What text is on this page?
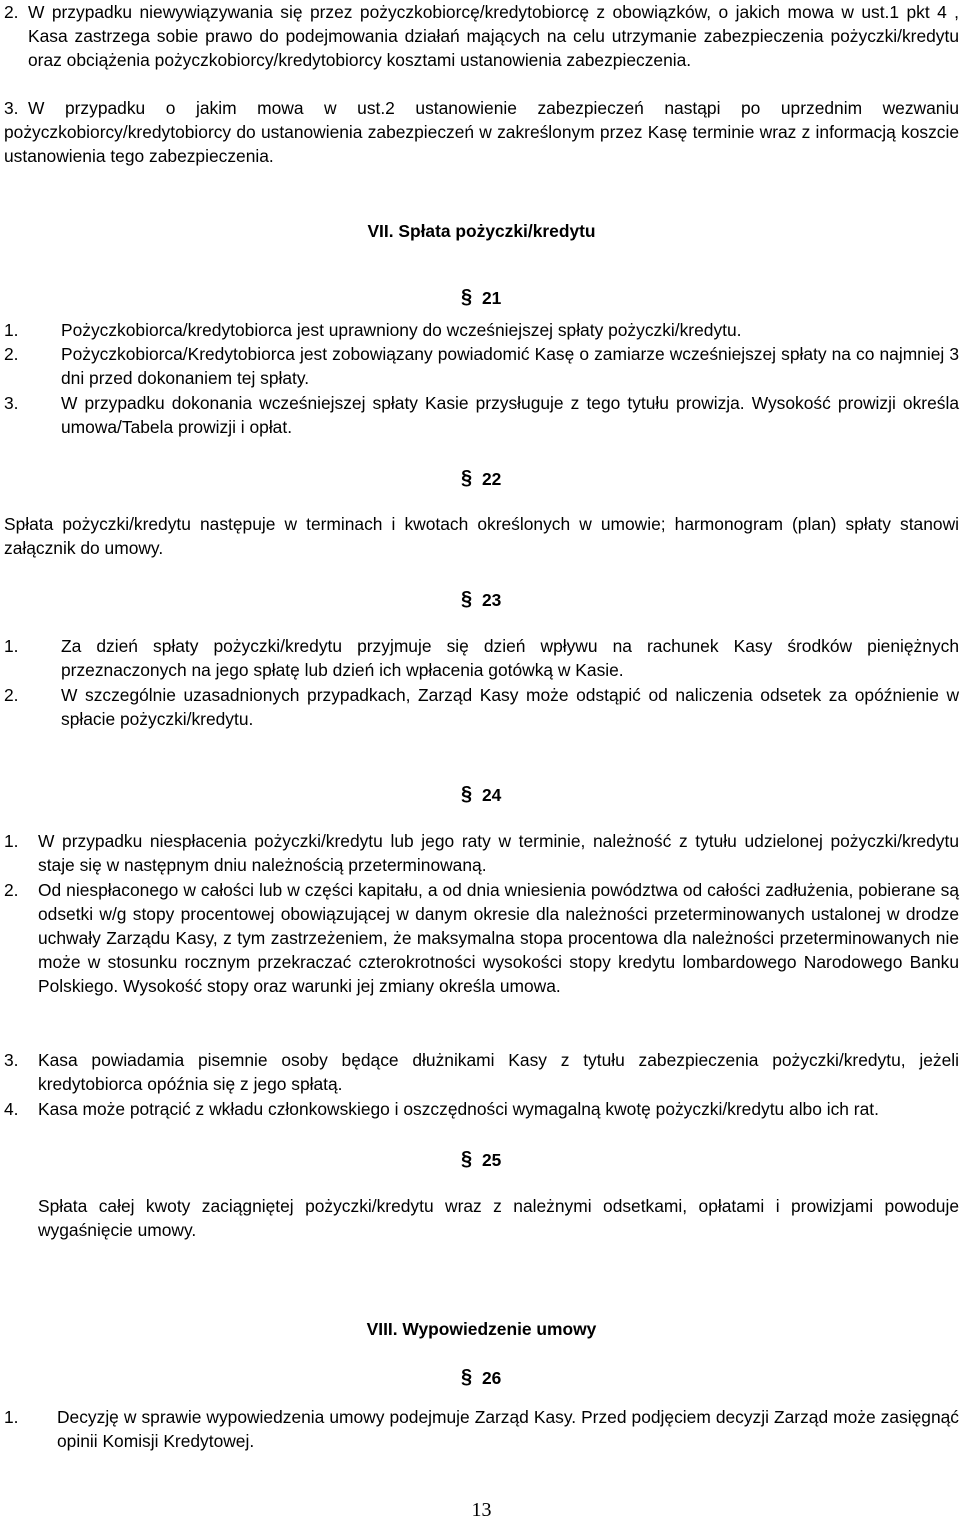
2. W przypadku niewywiązywania się przez pożyczkobiorcę/kredytobiorcę z obowiązków, o jakich mowa w ust.1 pkt 4 , Kasa zastrzega sobie prawo do podejmowania działań mających na celu utrzymanie zabezpieczenia pożyczki/kredytu oraz obciążenia pożyczkobiorcy/kredytobiorcy kosztami ustanowienia zabezpieczenia.
3. W przypadku o jakim mowa w ust.2 ustanowienie zabezpieczeń nastąpi po uprzednim wezwaniu pożyczkobiorcy/kredytobiorcy do ustanowienia zabezpieczeń w zakreślonym przez Kasę terminie wraz z informacją koszcie ustanowienia tego zabezpieczenia.
VII. Spłata pożyczki/kredytu
§ 21
1. Pożyczkobiorca/kredytobiorca jest uprawniony do wcześniejszej spłaty pożyczki/kredytu.
2. Pożyczkobiorca/Kredytobiorca jest zobowiązany powiadomić Kasę o zamiarze wcześniejszej spłaty na co najmniej 3 dni przed dokonaniem tej spłaty.
3. W przypadku dokonania wcześniejszej spłaty Kasie przysługuje z tego tytułu prowizja. Wysokość prowizji określa umowa/Tabela prowizji i opłat.
§ 22
Spłata pożyczki/kredytu następuje w terminach i kwotach określonych w umowie; harmonogram (plan) spłaty stanowi załącznik do umowy.
§ 23
1. Za dzień spłaty pożyczki/kredytu przyjmuje się dzień wpływu na rachunek Kasy środków pieniężnych przeznaczonych na jego spłatę lub dzień ich wpłacenia gotówką w Kasie.
2. W szczególnie uzasadnionych przypadkach, Zarząd Kasy może odstąpić od naliczenia odsetek za opóźnienie w spłacie pożyczki/kredytu.
§ 24
1. W przypadku niespłacenia pożyczki/kredytu lub jego raty w terminie, należność z tytułu udzielonej pożyczki/kredytu staje się w następnym dniu należnością przeterminowaną.
2. Od niespłaconego w całości lub w części kapitału, a od dnia wniesienia powództwa od całości zadłużenia, pobierane są odsetki w/g stopy procentowej obowiązującej w danym okresie dla należności przeterminowanych ustalonej w drodze uchwały Zarządu Kasy, z tym zastrzeżeniem, że maksymalna stopa procentowa dla należności przeterminowanych nie może w stosunku rocznym przekraczać czterokrotności wysokości stopy kredytu lombardowego Narodowego Banku Polskiego. Wysokość stopy oraz warunki jej zmiany określa umowa.
3. Kasa powiadamia pisemnie osoby będące dłużnikami Kasy z tytułu zabezpieczenia pożyczki/kredytu, jeżeli kredytobiorca opóźnia się z jego spłatą.
4. Kasa może potrącić z wkładu członkowskiego i oszczędności wymagalną kwotę pożyczki/kredytu albo ich rat.
§ 25
Spłata całej kwoty zaciągniętej pożyczki/kredytu wraz z należnymi odsetkami, opłatami i prowizjami powoduje wygaśnięcie umowy.
VIII. Wypowiedzenie umowy
§ 26
1. Decyzję w sprawie wypowiedzenia umowy podejmuje Zarząd Kasy. Przed podjęciem decyzji Zarząd może zasięgnąć opinii Komisji Kredytowej.
13
